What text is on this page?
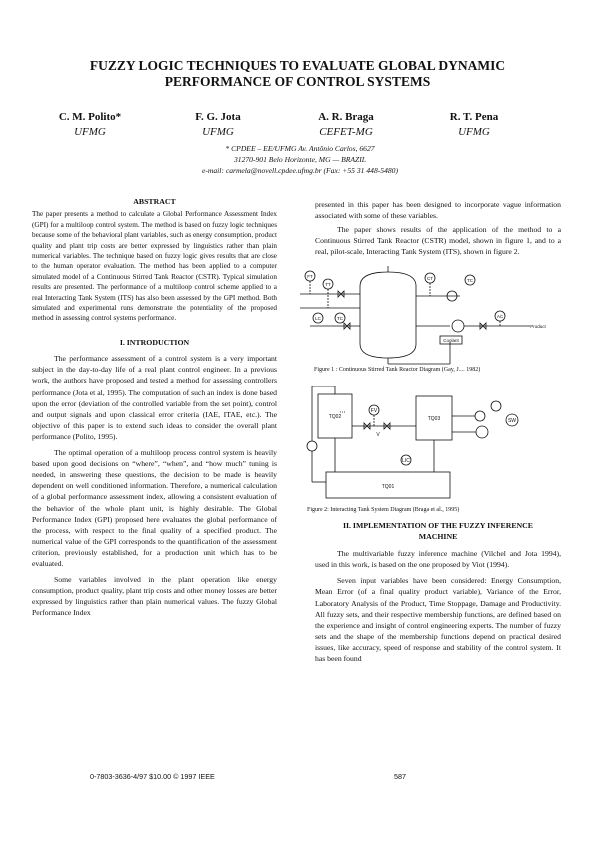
FUZZY LOGIC TECHNIQUES TO EVALUATE GLOBAL DYNAMIC
PERFORMANCE OF CONTROL SYSTEMS
C. M. Polito*
UFMG
F. G. Jota
UFMG
A. R. Braga
CEFET-MG
R. T. Pena
UFMG
* CPDEE – EE/UFMG Av. Antônio Carlos, 6627
31270-901 Belo Horizonte, MG — BRAZIL
e-mail: carmela@novell.cpdee.ufmg.br (Fax: +55 31 448-5480)

ABSTRACT

The paper presents a method to calculate a Global Performance Assessment Index (GPI) for a multiloop control system. The method is based on fuzzy logic techniques because some of the behavioral plant variables, such as energy consumption, product quality and plant trip costs are better expressed by linguistics rather than plain numerical variables. The technique based on fuzzy logic gives results that are close to the human operator evaluation. The method has been applied to a computer simulated model of a Continuous Stirred Tank Reactor (CSTR). Typical simulation results are presented. The performance of a multiloop control scheme applied to a real Interacting Tank System (ITS) has also been assessed by the GPI method. Both simulated and experimental runs demonstrate the potentiality of the proposed method in assessing control systems performance.

I. INTRODUCTION

The performance assessment of a control system is a very important subject in the day-to-day life of a real plant control engineer. In a previous work, the authors have proposed and tested a method for assessing controllers performance (Jota et al, 1995). The computation of such an index is done based upon the error (deviation of the controlled variable from the set point), control and output signals and upon classical error criteria (IAE, ITAE, etc.). The objective of this paper is to extend such ideas to consider the overall plant performance (Polito, 1995).

The optimal operation of a multiloop process control system is heavily based upon good decisions on “where”, “when”, and “how much” tuning is needed, in answering these questions, the decision to be made is heavily dependent on well conditioned information. Therefore, a numerical calculation of a global performance assessment index, allowing a consistent evaluation of the behavior of the whole plant unit, is highly desirable. The Global Performance Index (GPI) proposed here evaluates the global performance of the process, with respect to the final quality of a specified product. The numerical value of the GPI corresponds to the quantification of the assessment criterion, previously established, for a production unit which has to be evaluated.

Some variables involved in the plant operation like energy consumption, product quality, plant trip costs and other money losses are better expressed by linguistics rather than plain numerical values. The fuzzy Global Performance Index

presented in this paper has been designed to incorporate vague information associated with some of these variables.

The paper shows results of the application of the method to a Continuous Stirred Tank Reactor (CSTR) model, shown in figure 1, and to a real, pilot-scale, Interacting Tank System (ITS), shown in figure 2.

FT
TT
LC	TC
CT	TC
AC
Coolant
Product
Figure 1 : Continuous Stirred Tank Reactor Diagram (Gay, J.... 1982)
TQ02	TQ03
TQ01
FV
V
LIC
SW
Figure 2: Interacting Tank System Diagram (Braga et al., 1995)

II. IMPLEMENTATION OF THE FUZZY INFERENCE

MACHINE

The multivariable fuzzy inference machine (Vilchel and Jota 1994), used in this work, is based on the one proposed by Viot (1994).

Seven input variables have been considered: Energy Consumption, Mean Error (of a final quality product variable), Variance of the Error, Laboratory Analysis of the Product, Time Stoppage, Damage and Productivity. All fuzzy sets, and their respective membership functions, are defined based on the experience and insight of control engineering experts. The number of fuzzy sets and the shape of the membership functions depend on practical desired issues, like accuracy, speed of response and stability of the control system. It has been found

0-7803-3636-4/97 $10.00 © 1997 IEEE	587
